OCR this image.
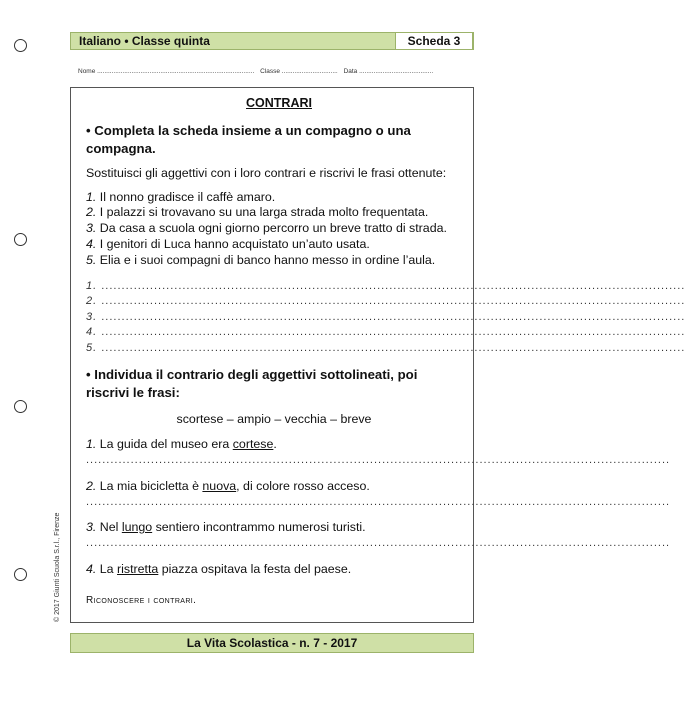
Italiano • Classe quinta	Scheda 3
Nome ....................................................................................... Classe ............................... Data .........................................
CONTRARI
• Completa la scheda insieme a un compagno o una compagna.

Sostituisci gli aggettivi con i loro contrari e riscrivi le frasi ottenute:

1. Il nonno gradisce il caffè amaro.

2. I palazzi si trovavano su una larga strada molto frequentata.

3. Da casa a scuola ogni giorno percorro un breve tratto di strada.

4. I genitori di Luca hanno acquistato un’auto usata.

5. Elia e i suoi compagni di banco hanno messo in ordine l’aula.

1. ................................................................................................................................................
2. ................................................................................................................................................
3. ................................................................................................................................................
4. ................................................................................................................................................
5. ................................................................................................................................................
• Individua il contrario degli aggettivi sottolineati, poi riscrivi le frasi:

scortese – ampio – vecchia – breve

1. La guida del museo era cortese.

................................................................................................................................................

2. La mia bicicletta è nuova, di colore rosso acceso.

................................................................................................................................................

3. Nel lungo sentiero incontrammo numerosi turisti.

................................................................................................................................................

4. La ristretta piazza ospitava la festa del paese.

Riconoscere i contrari.
© 2017 Giunti Scuola S.r.l., Firenze
La Vita Scolastica - n. 7 - 2017
